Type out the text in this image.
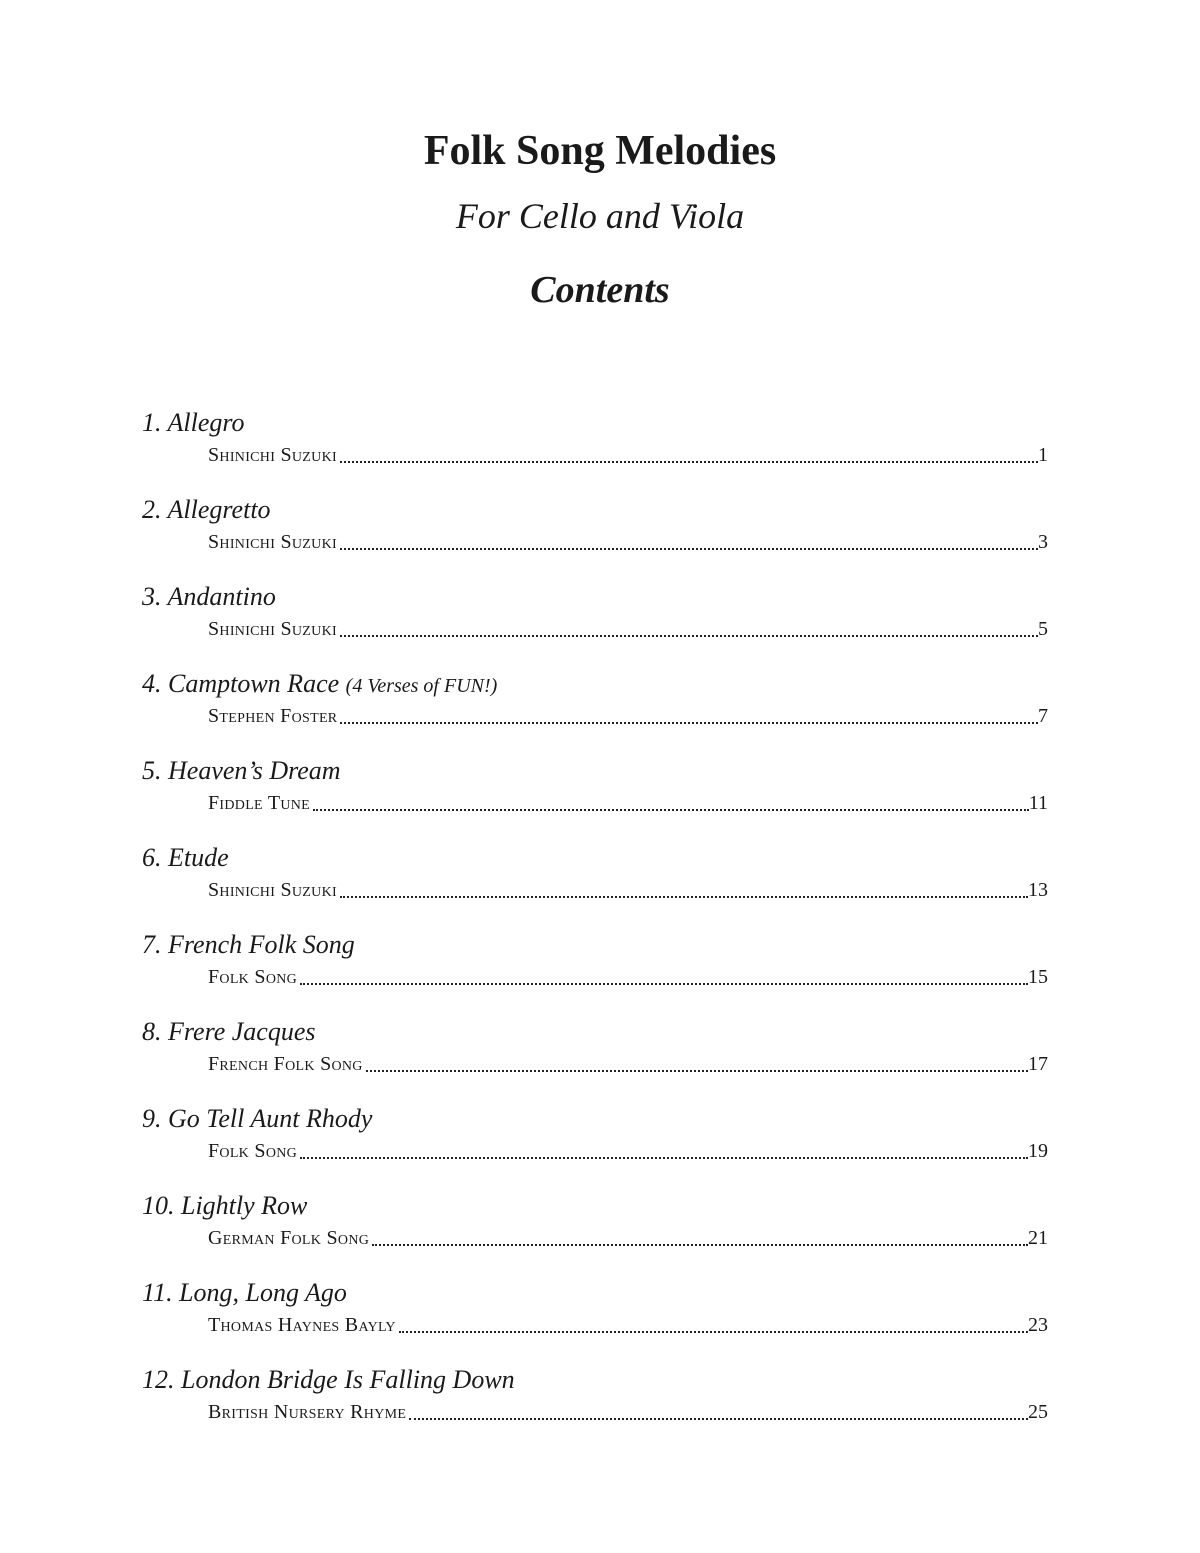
Folk Song Melodies
For Cello and Viola
Contents
1. Allegro
Shinichi Suzuki	1
2. Allegretto
Shinichi Suzuki	3
3. Andantino
Shinichi Suzuki	5
4. Camptown Race (4 Verses of FUN!)
Stephen Foster	7
5. Heaven’s Dream
Fiddle Tune	11
6. Etude
Shinichi Suzuki	13
7. French Folk Song
Folk Song	15
8. Frere Jacques
French Folk Song	17
9. Go Tell Aunt Rhody
Folk Song	19
10. Lightly Row
German Folk Song	21
11. Long, Long Ago
Thomas Haynes Bayly	23
12. London Bridge Is Falling Down
British Nursery Rhyme	25
